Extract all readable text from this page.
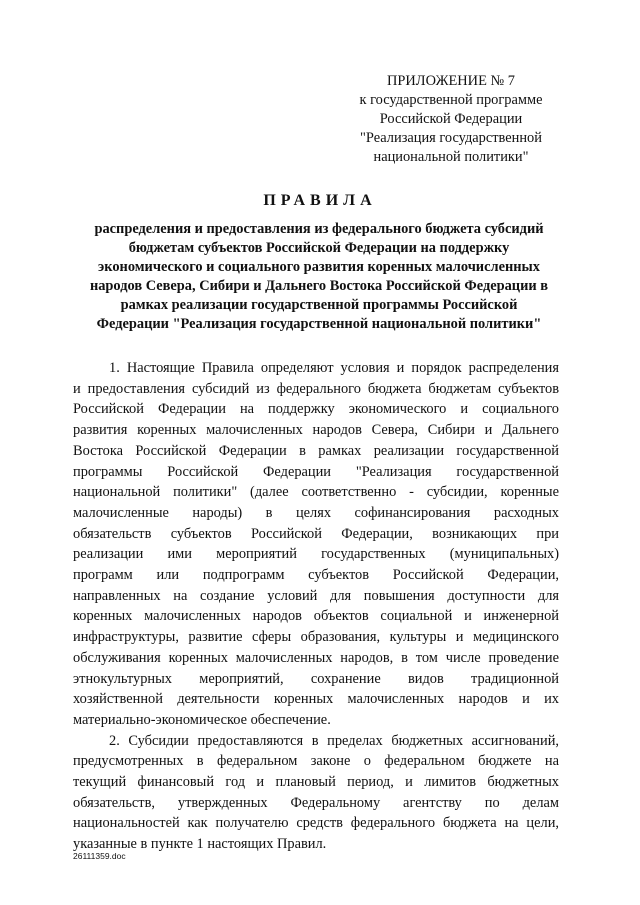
ПРИЛОЖЕНИЕ № 7
к государственной программе
Российской Федерации
"Реализация государственной
национальной политики"
ПРАВИЛА
распределения и предоставления из федерального бюджета субсидий
бюджетам субъектов Российской Федерации на поддержку
экономического и социального развития коренных малочисленных
народов Севера, Сибири и Дальнего Востока Российской Федерации в
рамках реализации государственной программы Российской
Федерации "Реализация государственной национальной политики"
1. Настоящие Правила определяют условия и порядок распределения
и предоставления субсидий из федерального бюджета бюджетам субъектов
Российской Федерации на поддержку экономического и социального
развития коренных малочисленных народов Севера, Сибири и Дальнего
Востока Российской Федерации в рамках реализации государственной
программы Российской Федерации "Реализация государственной
национальной политики" (далее соответственно - субсидии, коренные
малочисленные народы) в целях софинансирования расходных
обязательств субъектов Российской Федерации, возникающих при
реализации ими мероприятий государственных (муниципальных)
программ или подпрограмм субъектов Российской Федерации,
направленных на создание условий для повышения доступности для
коренных малочисленных народов объектов социальной и инженерной
инфраструктуры, развитие сферы образования, культуры и медицинского
обслуживания коренных малочисленных народов, в том числе проведение
этнокультурных мероприятий, сохранение видов традиционной
хозяйственной деятельности коренных малочисленных народов и их
материально-экономическое обеспечение.
2. Субсидии предоставляются в пределах бюджетных ассигнований,
предусмотренных в федеральном законе о федеральном бюджете на
текущий финансовый год и плановый период, и лимитов бюджетных
обязательств, утвержденных Федеральному агентству по делам
национальностей как получателю средств федерального бюджета на цели,
указанные в пункте 1 настоящих Правил.
26111359.doc
